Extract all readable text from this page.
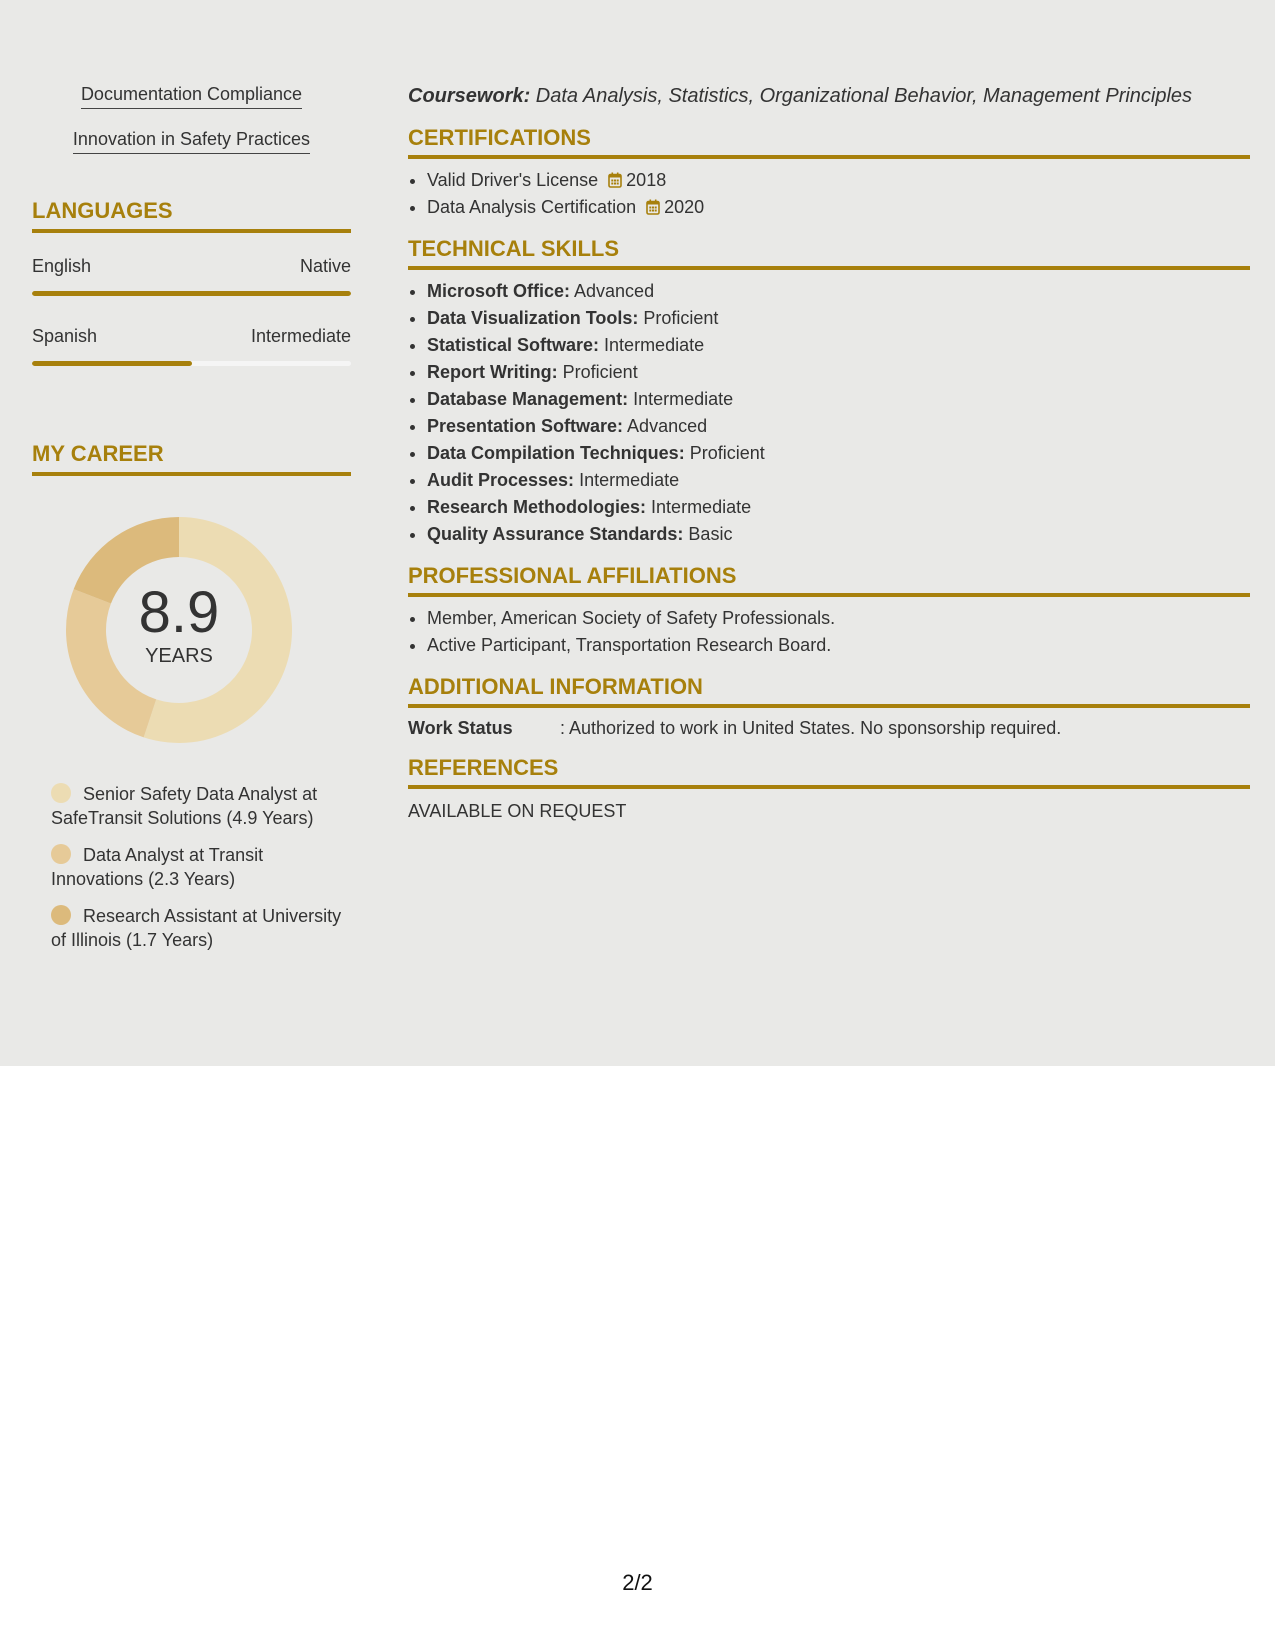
Documentation Compliance
Innovation in Safety Practices
LANGUAGES
English	Native
Spanish	Intermediate
MY CAREER
8.9
YEARS
Senior Safety Data Analyst at SafeTransit Solutions (4.9 Years)
Data Analyst at Transit Innovations (2.3 Years)
Research Assistant at University of Illinois (1.7 Years)
Coursework: Data Analysis, Statistics, Organizational Behavior, Management Principles
CERTIFICATIONS
• Valid Driver's License 2018
• Data Analysis Certification 2020
TECHNICAL SKILLS
• Microsoft Office: Advanced
• Data Visualization Tools: Proficient
• Statistical Software: Intermediate
• Report Writing: Proficient
• Database Management: Intermediate
• Presentation Software: Advanced
• Data Compilation Techniques: Proficient
• Audit Processes: Intermediate
• Research Methodologies: Intermediate
• Quality Assurance Standards: Basic
PROFESSIONAL AFFILIATIONS
• Member, American Society of Safety Professionals.
• Active Participant, Transportation Research Board.
ADDITIONAL INFORMATION
Work Status	: Authorized to work in United States. No sponsorship required.
REFERENCES
AVAILABLE ON REQUEST
2/2
